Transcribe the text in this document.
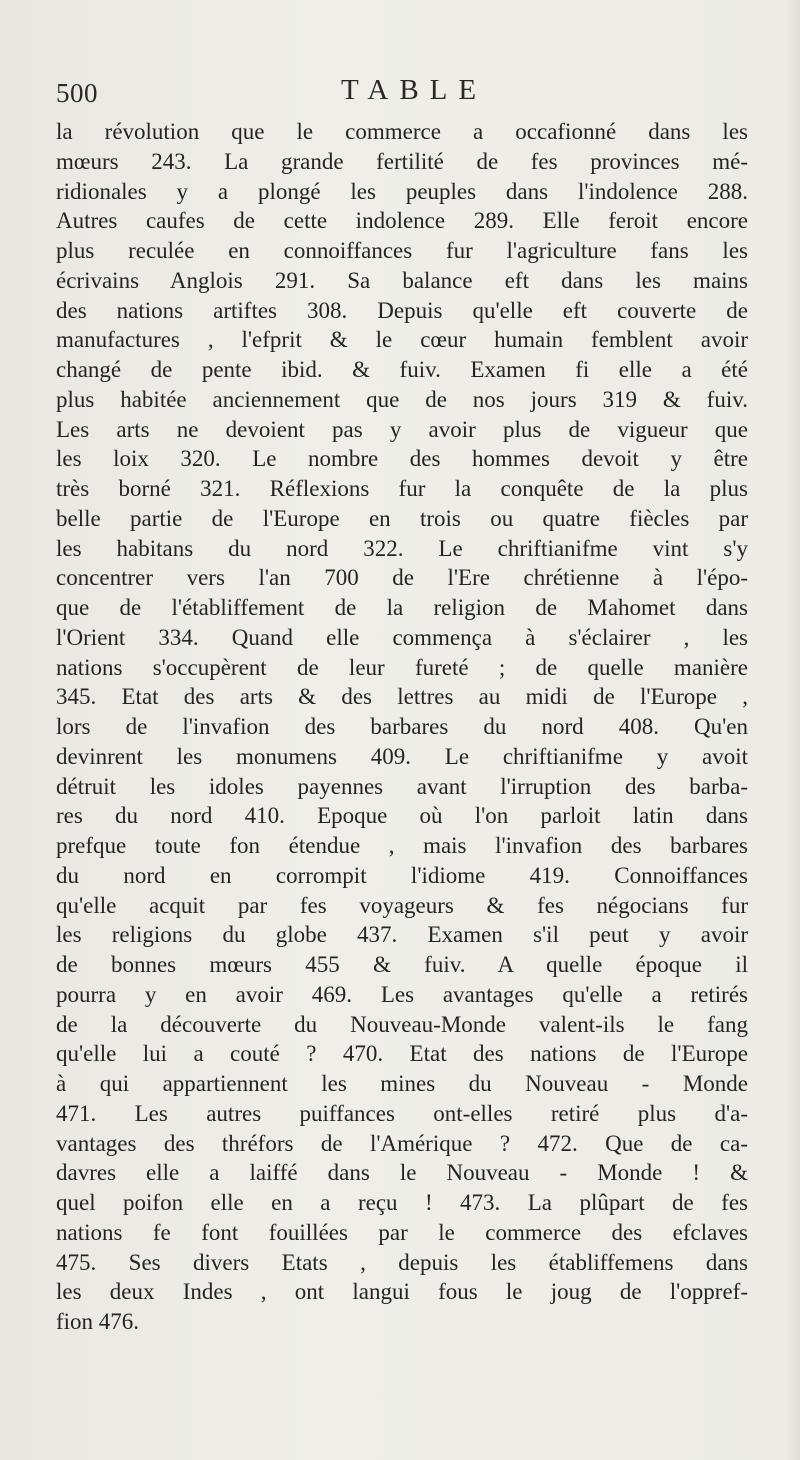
500	TABLE
la révolution que le commerce a occafionné dans les
mœurs 243. La grande fertilité de fes provinces mé-
ridionales y a plongé les peuples dans l'indolence 288.
Autres caufes de cette indolence 289. Elle feroit encore
plus reculée en connoiffances fur l'agriculture fans les
écrivains Anglois 291. Sa balance eft dans les mains
des nations artiftes 308. Depuis qu'elle eft couverte de
manufactures , l'efprit & le cœur humain femblent avoir
changé de pente ibid. & fuiv. Examen fi elle a été
plus habitée anciennement que de nos jours 319 & fuiv.
Les arts ne devoient pas y avoir plus de vigueur que
les loix 320. Le nombre des hommes devoit y être
très borné 321. Réflexions fur la conquête de la plus
belle partie de l'Europe en trois ou quatre fiècles par
les habitans du nord 322. Le chriftianifme vint s'y
concentrer vers l'an 700 de l'Ere chrétienne à l'épo-
que de l'établiffement de la religion de Mahomet dans
l'Orient 334. Quand elle commença à s'éclairer , les
nations s'occupèrent de leur fureté ; de quelle manière
345. Etat des arts & des lettres au midi de l'Europe ,
lors de l'invafion des barbares du nord 408. Qu'en
devinrent les monumens 409. Le chriftianifme y avoit
détruit les idoles payennes avant l'irruption des barba-
res du nord 410. Epoque où l'on parloit latin dans
prefque toute fon étendue , mais l'invafion des barbares
du nord en corrompit l'idiome 419. Connoiffances
qu'elle acquit par fes voyageurs & fes négocians fur
les religions du globe 437. Examen s'il peut y avoir
de bonnes mœurs 455 & fuiv. A quelle époque il
pourra y en avoir 469. Les avantages qu'elle a retirés
de la découverte du Nouveau-Monde valent-ils le fang
qu'elle lui a couté ? 470. Etat des nations de l'Europe
à qui appartiennent les mines du Nouveau - Monde
471. Les autres puiffances ont-elles retiré plus d'a-
vantages des thréfors de l'Amérique ? 472. Que de ca-
davres elle a laiffé dans le Nouveau - Monde ! &
quel poifon elle en a reçu ! 473. La plûpart de fes
nations fe font fouillées par le commerce des efclaves
475. Ses divers Etats , depuis les établiffemens dans
les deux Indes , ont langui fous le joug de l'oppref-
fion 476.
